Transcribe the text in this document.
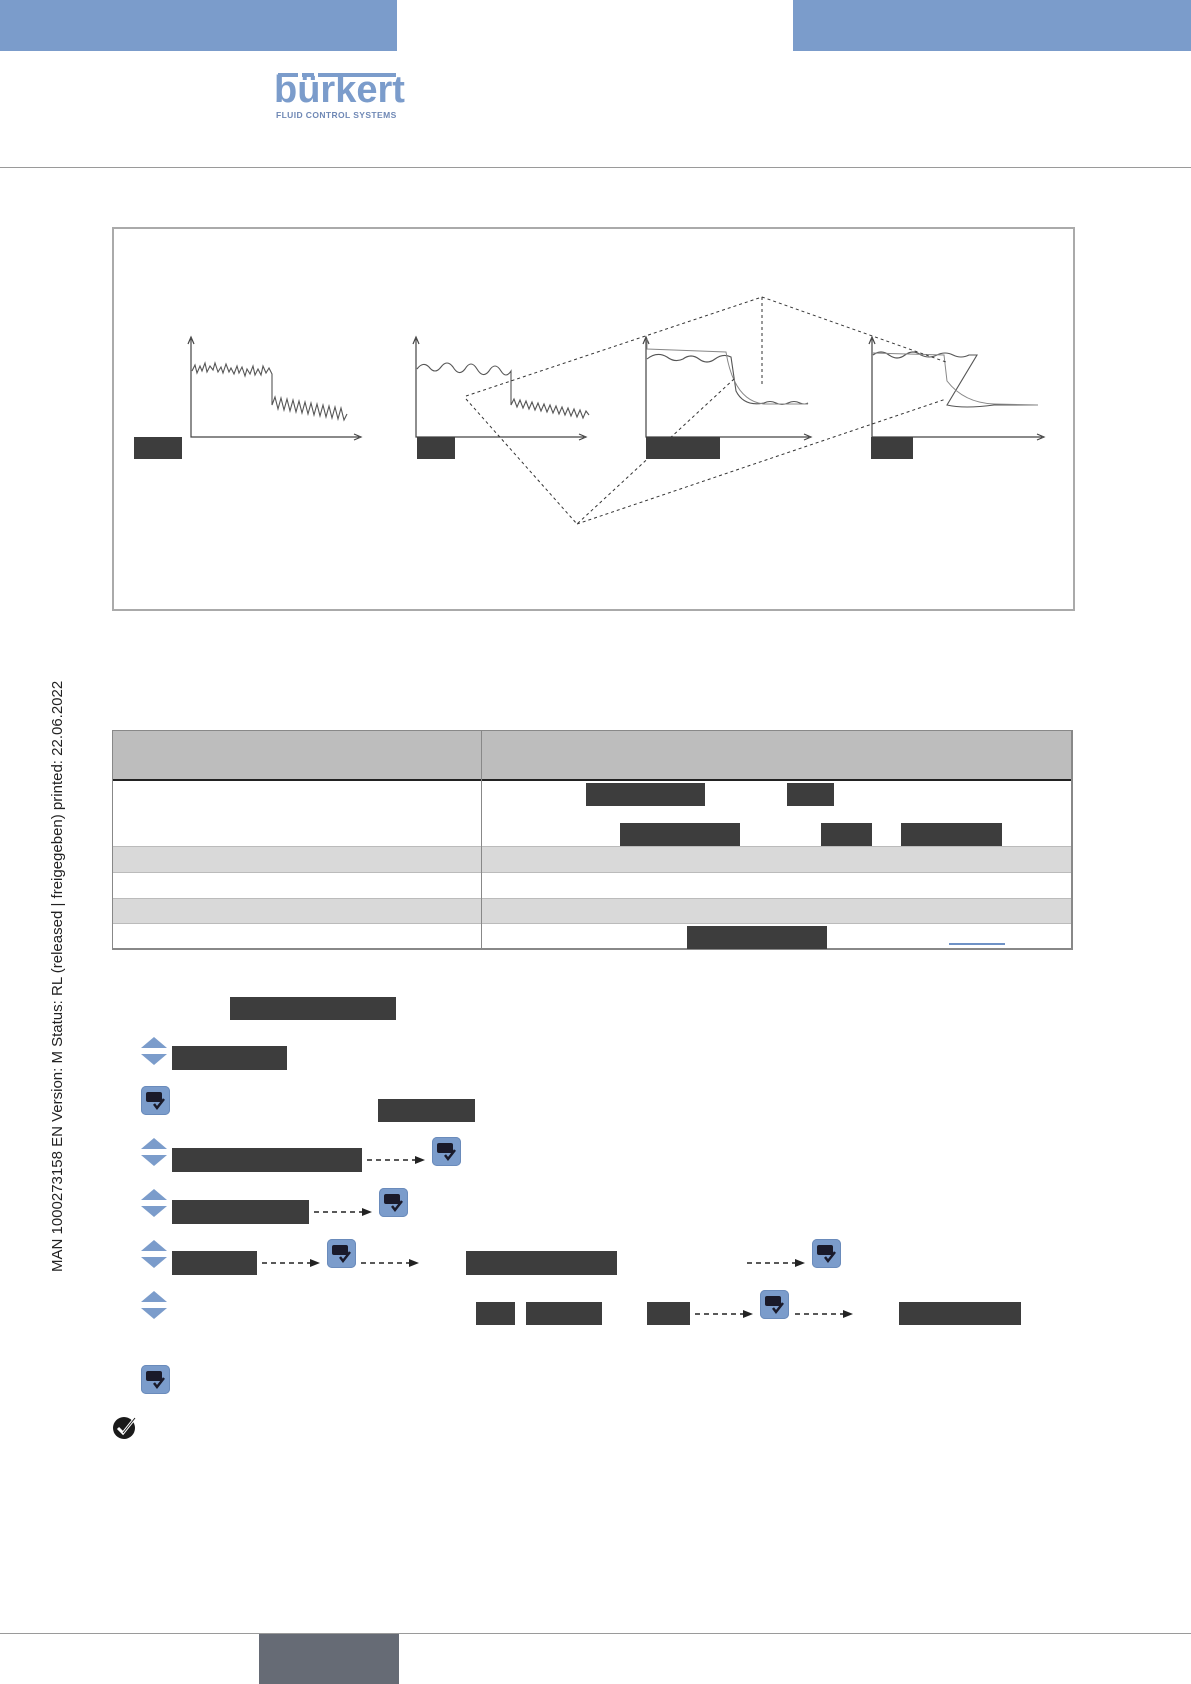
bürkert
FLUID CONTROL SYSTEMS
MAN 1000273158 EN Version: M Status: RL (released | freigegeben) printed: 22.06.2022
